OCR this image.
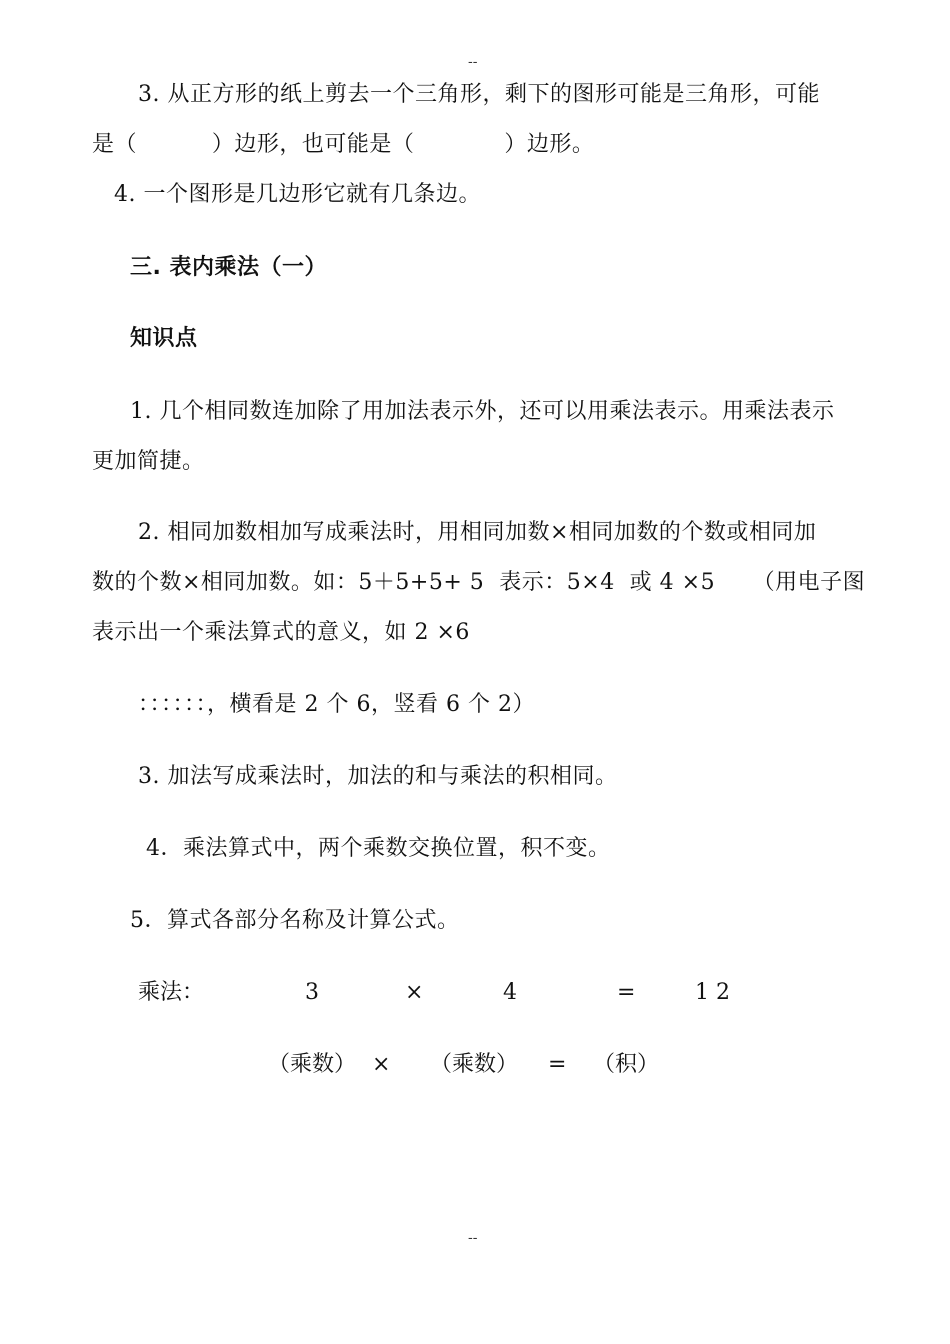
--
3. 从正方形的纸上剪去一个三角形，剩下的图形可能是三角形，可能
是（          ）边形，也可能是（            ）边形。
4. 一个图形是几边形它就有几条边。
三. 表内乘法（一）
知识点
1. 几个相同数连加除了用加法表示外，还可以用乘法表示。用乘法表示
更加简捷。
2. 相同加数相加写成乘法时，用相同加数×相同加数的个数或相同加
数的个数×相同加数。如：5＋5+5+ 5  表示：5×4  或 4 ×5     （用电子图
表示出一个乘法算式的意义，如 2 ×6
：：：：：：，横看是 2 个 6，竖看 6 个 2）
3. 加法写成乘法时，加法的和与乘法的积相同。
4．乘法算式中，两个乘数交换位置，积不变。
5．算式各部分名称及计算公式。
乘法：	3	×	4	=	1 2
（乘数） × （乘数） = （积）
--
